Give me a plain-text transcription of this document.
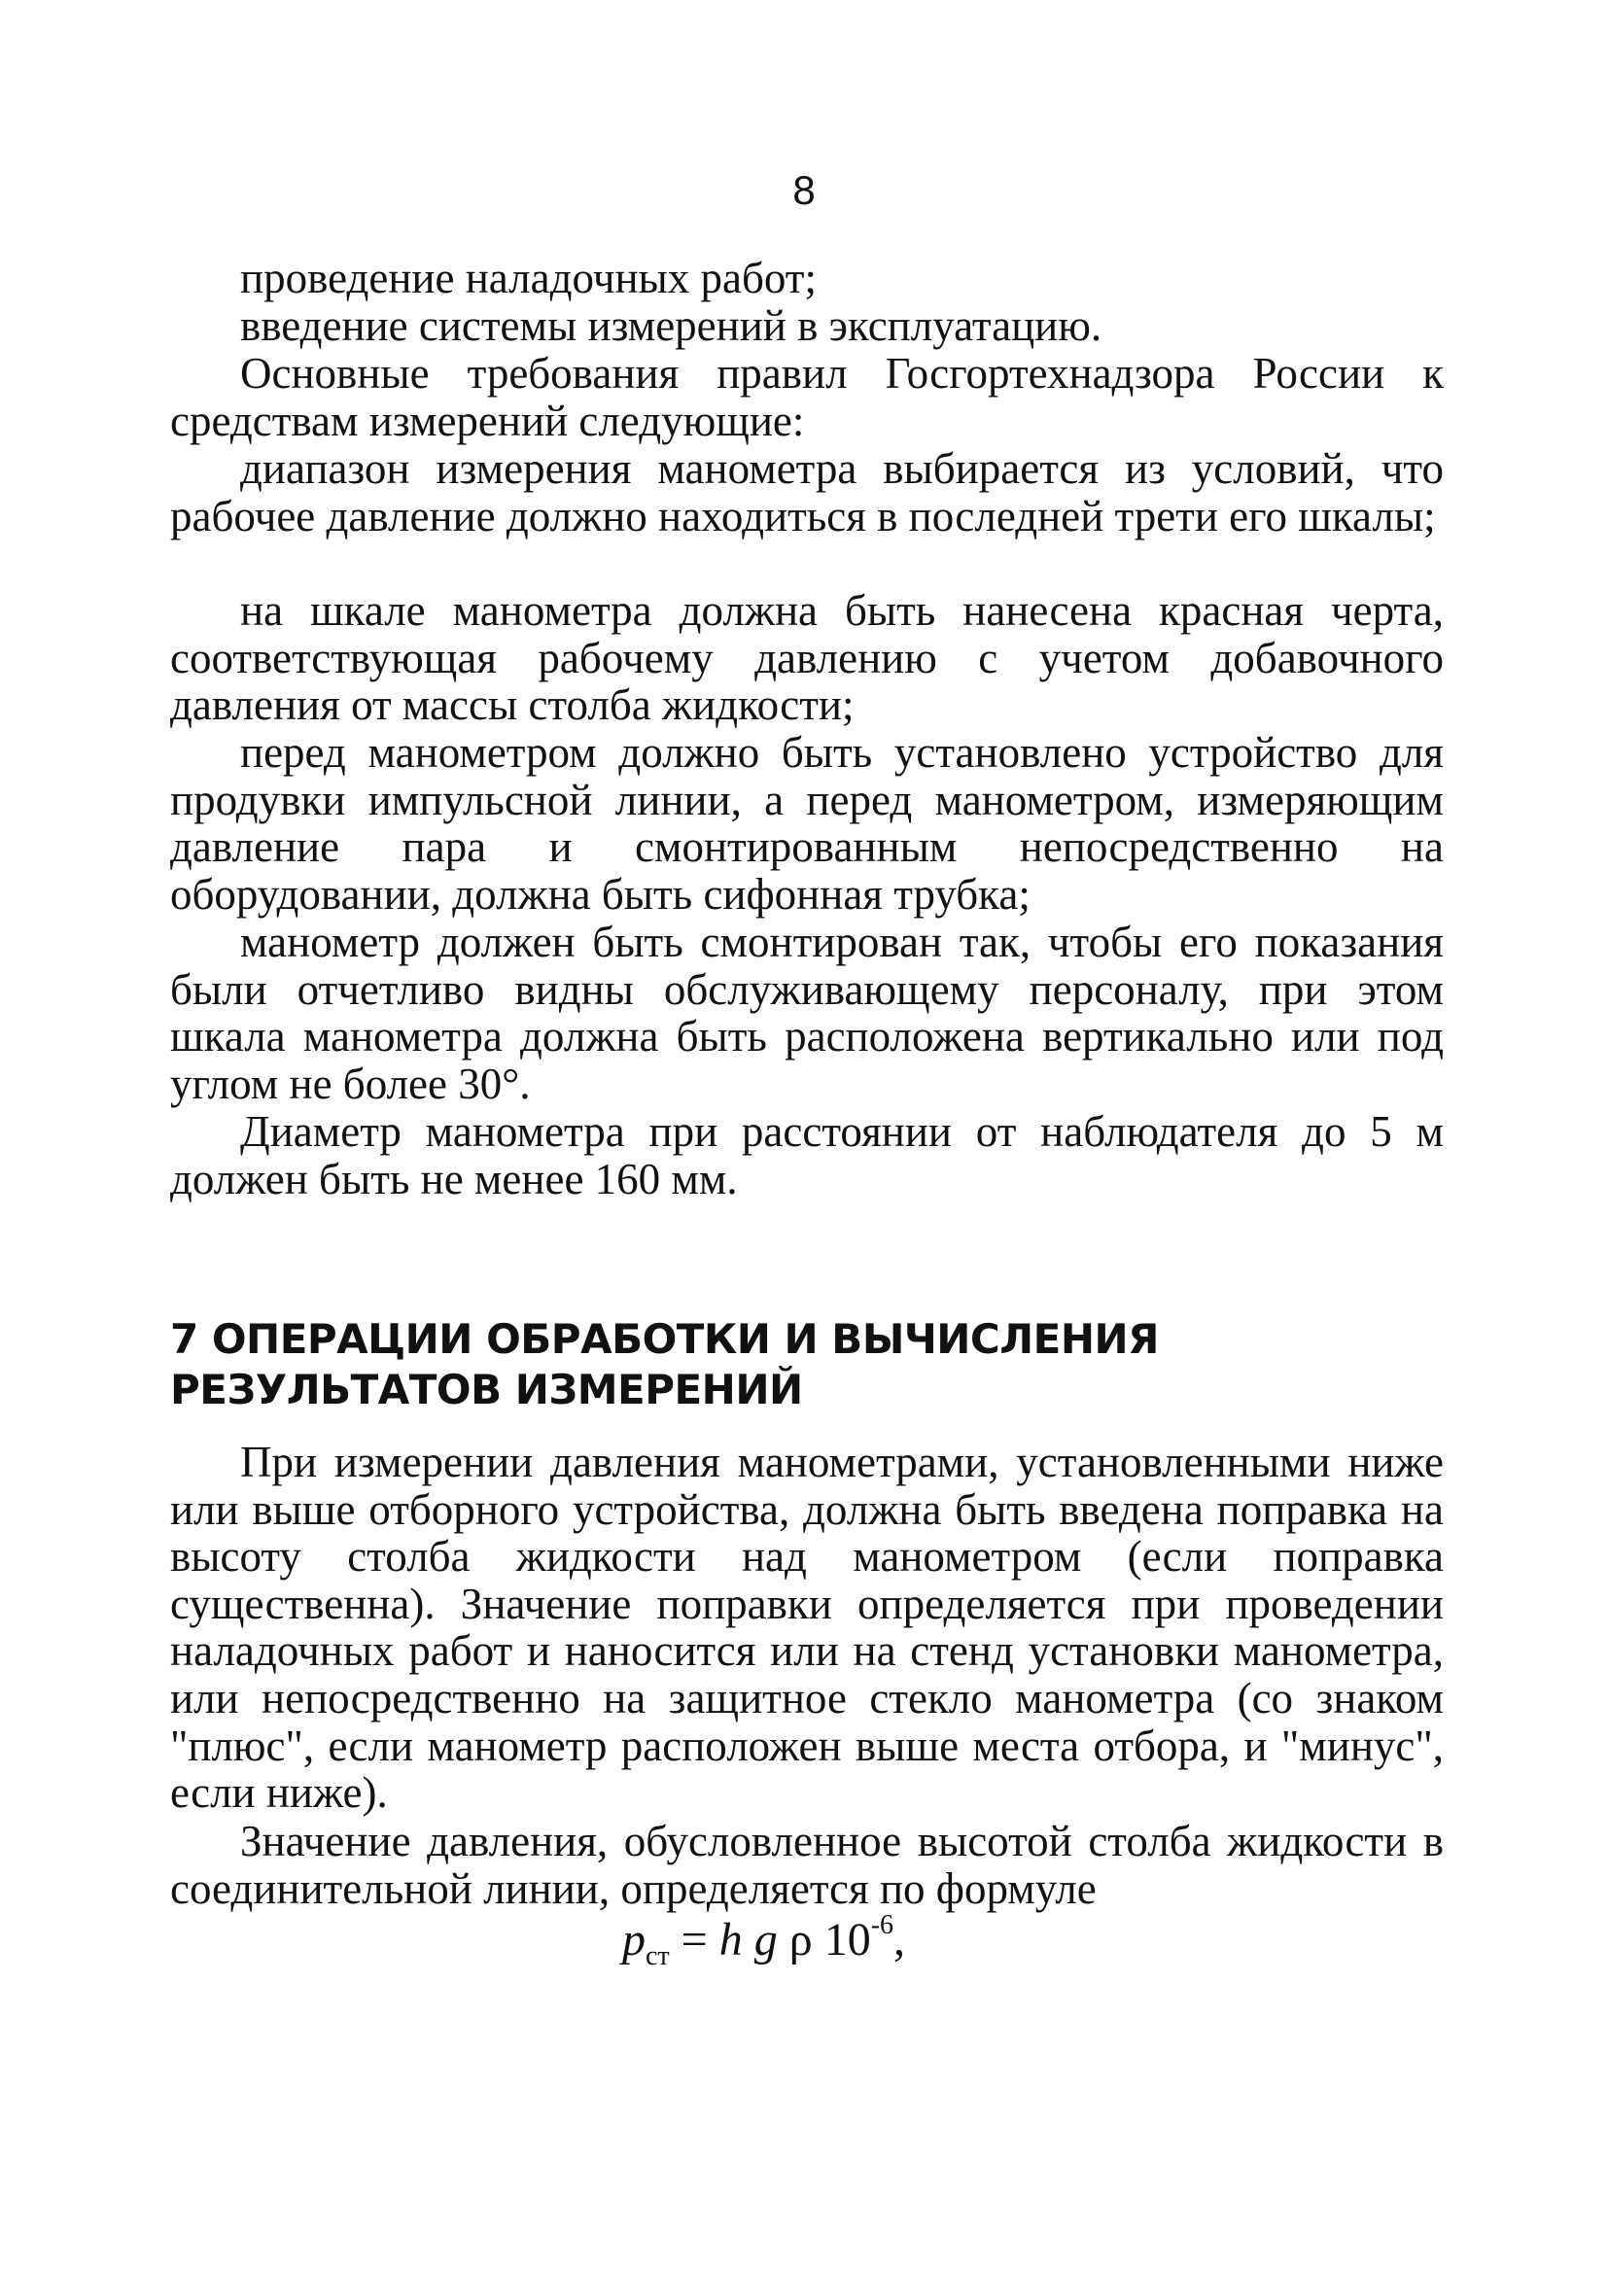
8

проведение наладочных работ;

введение системы измерений в эксплуатацию.

Основные требования правил Госгортехнадзора России к средствам измерений следующие:

диапазон измерения манометра выбирается из условий, что рабочее давление должно находиться в последней трети его шкалы;

на шкале манометра должна быть нанесена красная черта, соответствующая рабочему давлению с учетом добавочного давления от массы столба жидкости;

перед манометром должно быть установлено устройство для продувки импульсной линии, а перед манометром, измеряющим давление пара и смонтированным непосредственно на оборудовании, должна быть сифонная трубка;

манометр должен быть смонтирован так, чтобы его показания были отчетливо видны обслуживающему персоналу, при этом шкала манометра должна быть расположена вертикально или под углом не более 30°.

Диаметр манометра при расстоянии от наблюдателя до 5 м должен быть не менее 160 мм.

7 ОПЕРАЦИИ ОБРАБОТКИ И ВЫЧИСЛЕНИЯ РЕЗУЛЬТАТОВ ИЗМЕРЕНИЙ

При измерении давления манометрами, установленными ниже или выше отборного устройства, должна быть введена поправка на высоту столба жидкости над манометром (если поправка существенна). Значение поправки определяется при проведении наладочных работ и наносится или на стенд установки манометра, или непосредственно на защитное стекло манометра (со знаком "плюс", если манометр расположен выше места отбора, и "минус", если ниже).

Значение давления, обусловленное высотой столба жидкости в соединительной линии, определяется по формуле

$p_{ст} = h$ g ρ $10^{-6}$,
